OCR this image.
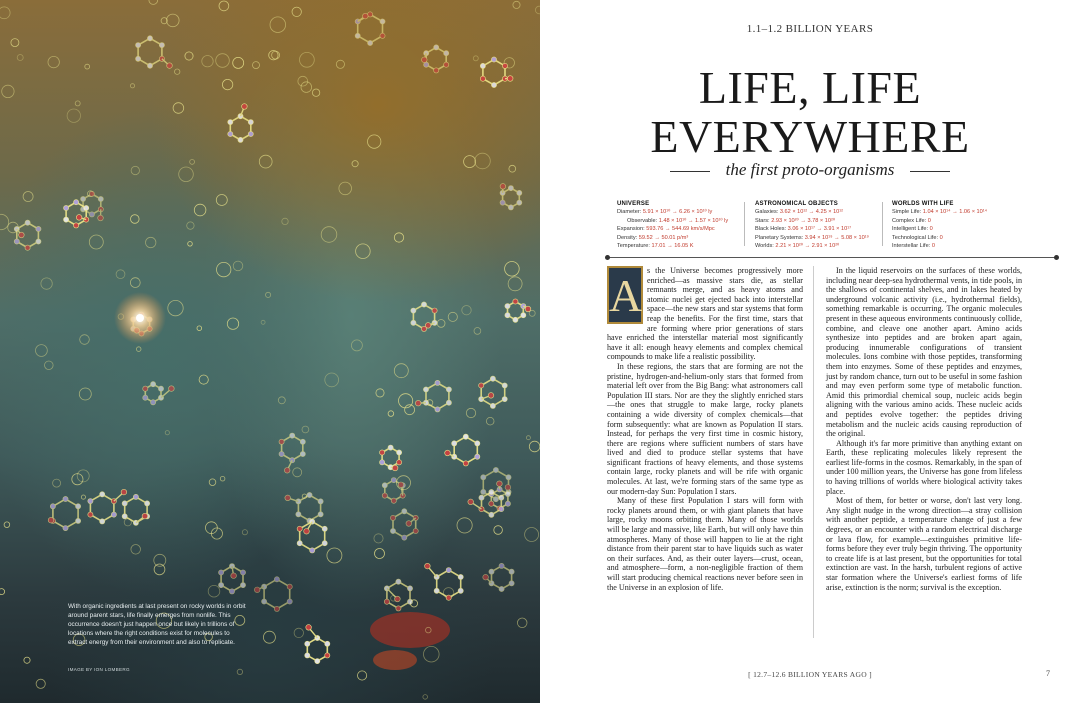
With organic ingredients at last present on rocky worlds in orbit around parent stars, life finally emerges from nonlife. This occurrence doesn't just happen once but likely in trillions of locations where the right conditions exist for molecules to extract energy from their environment and also to replicate.
IMAGE BY ION LOMBERG
1.1–1.2 BILLION YEARS
LIFE, LIFE
EVERYWHERE
the first proto-organisms
UNIVERSE
Diameter: 5.91 × 10¹⁰ → 6.26 × 10¹⁰ ly
Observable: 1.48 × 10¹⁰ → 1.57 × 10¹⁰ ly
Expansion: 593.76 → 544.69 km/s/Mpc
Density: 59.52 → 50.01 p/m³
Temperature: 17.01 → 16.05 K
ASTRONOMICAL OBJECTS
Galaxies: 3.62 × 10¹² → 4.25 × 10¹²
Stars: 2.93 × 10²⁰ → 3.78 × 10²⁰
Black Holes: 3.06 × 10¹⁷ → 3.91 × 10¹⁷
Planetary Systems: 3.94 × 10¹⁹ → 5.08 × 10¹⁹
Worlds: 2.21 × 10²⁰ → 2.91 × 10²⁰
WORLDS WITH LIFE
Simple Life: 1.04 × 10¹⁴ → 1.06 × 10¹⁴
Complex Life: 0
Intelligent Life: 0
Technological Life: 0
Interstellar Life: 0
A s the Universe becomes progressively more enriched—as massive stars die, as stellar remnants merge, and as heavy atoms and atomic nuclei get ejected back into interstellar space—the new stars and star systems that form reap the benefits. For the first time, stars that are forming where prior generations of stars have enriched the interstellar material most significantly have it all: enough heavy elements and complex chemical compounds to make life a realistic possibility.

In these regions, the stars that are forming are not the pristine, hydrogen-and-helium-only stars that formed from material left over from the Big Bang: what astronomers call Population III stars. Nor are they the slightly enriched stars—the ones that struggle to make large, rocky planets containing a wide diversity of complex chemicals—that form subsequently: what are known as Population II stars. Instead, for perhaps the very first time in cosmic history, there are regions where sufficient numbers of stars have lived and died to produce stellar systems that have significant fractions of heavy elements, and those systems contain large, rocky planets and will be rife with organic molecules. At last, we're forming stars of the same type as our modern-day Sun: Population I stars.

Many of these first Population I stars will form with rocky planets around them, or with giant planets that have large, rocky moons orbiting them. Many of those worlds will be large and massive, like Earth, but will only have thin atmospheres. Many of those will happen to lie at the right distance from their parent star to have liquids such as water on their surfaces. And, as their outer layers—crust, ocean, and atmosphere—form, a non-negligible fraction of them will start producing chemical reactions never before seen in the Universe in an explosion of life.

In the liquid reservoirs on the surfaces of these worlds, including near deep-sea hydrothermal vents, in tide pools, in the shallows of continental shelves, and in lakes heated by underground volcanic activity (i.e., hydrothermal fields), something remarkable is occurring. The organic molecules present in these aqueous environments continuously collide, combine, and cleave one another apart. Amino acids synthesize into peptides and are broken apart again, producing innumerable configurations of transient molecules. Ions combine with those peptides, transforming them into enzymes. Some of these peptides and enzymes, just by random chance, turn out to be useful in some fashion and may even perform some type of metabolic function. Amid this primordial chemical soup, nucleic acids begin aligning with the various amino acids. These nucleic acids and peptides evolve together: the peptides driving metabolism and the nucleic acids causing reproduction of the original.

Although it's far more primitive than anything extant on Earth, these replicating molecules likely represent the earliest life-forms in the cosmos. Remarkably, in the span of under 100 million years, the Universe has gone from lifeless to having trillions of worlds where biological activity takes place.

Most of them, for better or worse, don't last very long. Any slight nudge in the wrong direction—a stray collision with another peptide, a temperature change of just a few degrees, or an encounter with a random electrical discharge or lava flow, for example—extinguishes primitive life-forms before they ever truly begin thriving. The opportunity to create life is at last present, but the opportunities for total extinction are vast. In the harsh, turbulent regions of active star formation where the Universe's earliest forms of life arise, extinction is the norm; survival is the exception.

[ 12.7–12.6 BILLION YEARS AGO ]	7
